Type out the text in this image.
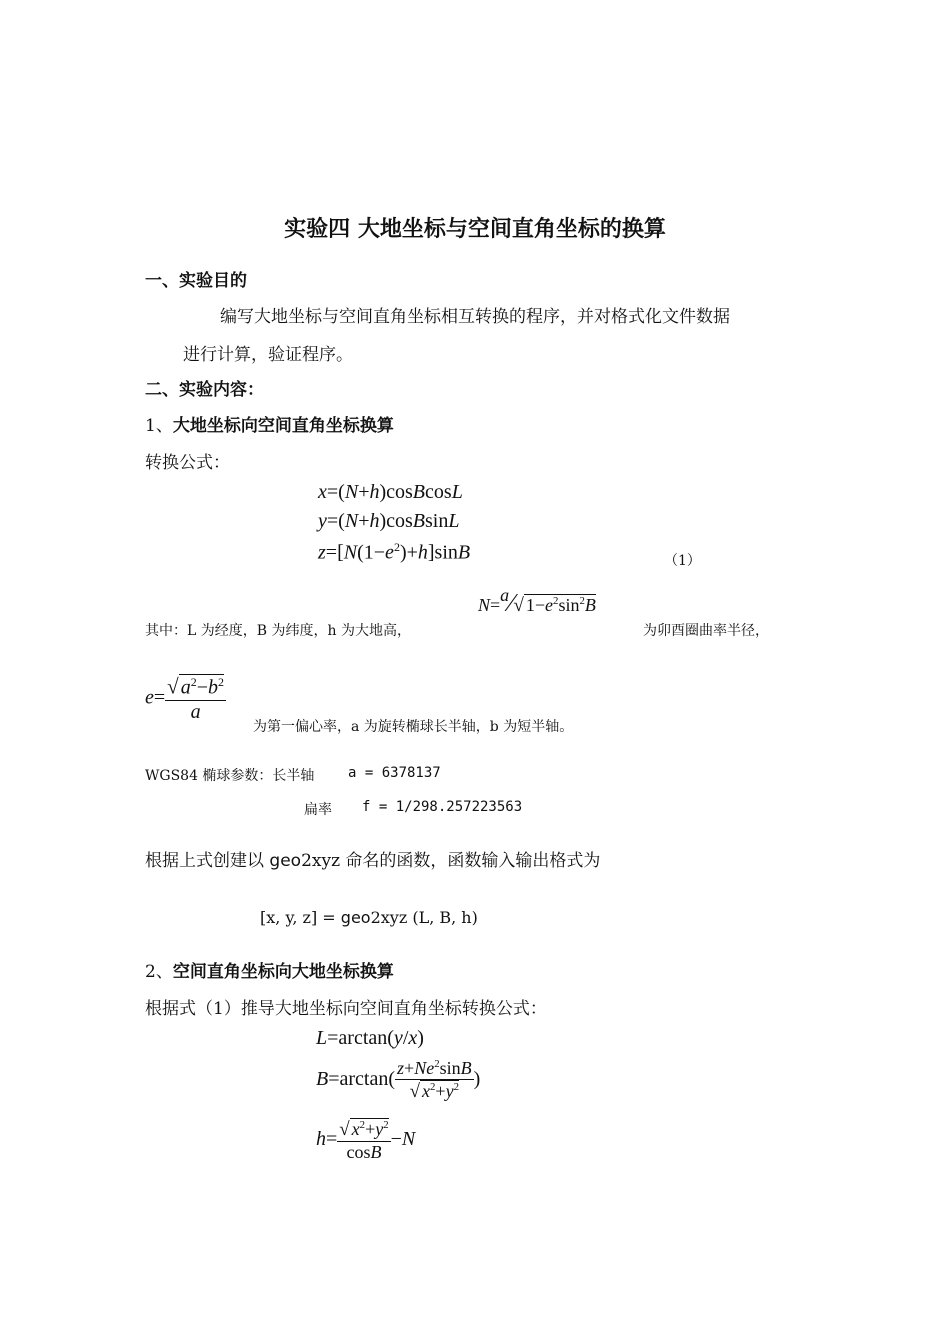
实验四 大地坐标与空间直角坐标的换算
一、实验目的
编写大地坐标与空间直角坐标相互转换的程序，并对格式化文件数据
进行计算，验证程序。
二、实验内容：
1、大地坐标向空间直角坐标换算
转换公式：
x=(N+h)cosBcosL
y=(N+h)cosBsinL
$z=[N(1-e^2)+h]\sin B$	（1）
其中：L 为经度，B 为纬度，h 为大地高，
N=a∕√ $1-e^2\sin^2B$
为卯酉圈曲率半径，
$e= \frac{√ a^2-b^2}{a}$
为第一偏心率，a 为旋转椭球长半轴，b 为短半轴。
WGS84 椭球参数：长半轴 a = 6378137
扁率 f = 1/298.257223563
根据上式创建以 geo2xyz 命名的函数，函数输入输出格式为
[x, y, z] = geo2xyz (L, B, h)
2、空间直角坐标向大地坐标换算
根据式（1）推导大地坐标向空间直角坐标转换公式：
L=arctan(y/x)
$B=\arctan( \frac{z+Ne^2\sin B}{√ x^2+y^2}$ )
$h= \frac{√ x^2+y^2}{\cos B} -N$
